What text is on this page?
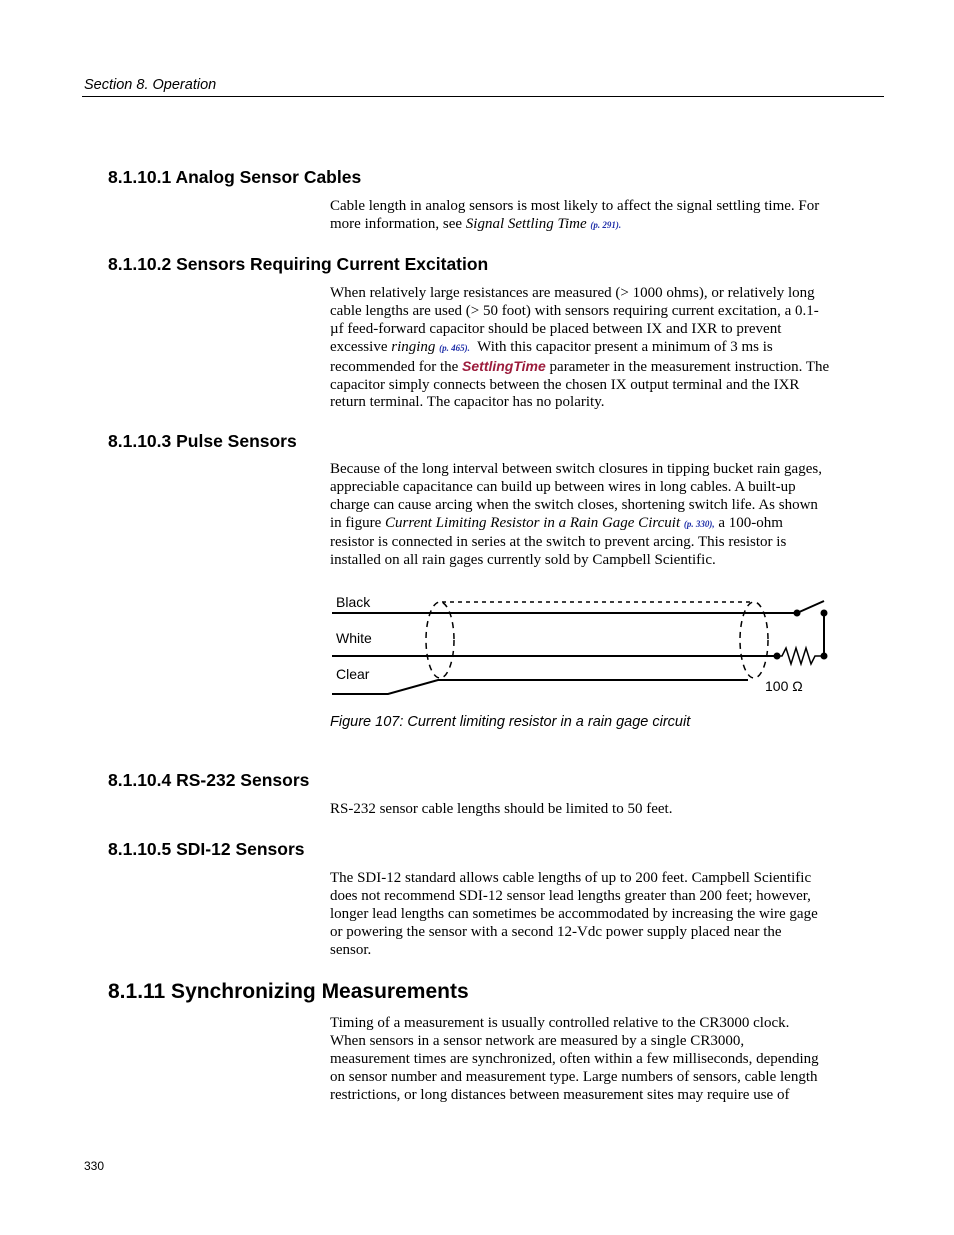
Section 8. Operation
8.1.10.1 Analog Sensor Cables
Cable length in analog sensors is most likely to affect the signal settling time. For
more information, see Signal Settling Time (p. 291).
8.1.10.2 Sensors Requiring Current Excitation
When relatively large resistances are measured (> 1000 ohms), or relatively long
cable lengths are used (> 50 foot) with sensors requiring current excitation, a 0.1-
µf feed-forward capacitor should be placed between IX and IXR to prevent
excessive ringing (p. 465).  With this capacitor present a minimum of 3 ms is
recommended for the SettlingTime parameter in the measurement instruction. The
capacitor simply connects between the chosen IX output terminal and the IXR
return terminal. The capacitor has no polarity.
8.1.10.3 Pulse Sensors
Because of the long interval between switch closures in tipping bucket rain gages,
appreciable capacitance can build up between wires in long cables. A built-up
charge can cause arcing when the switch closes, shortening switch life. As shown
in figure Current Limiting Resistor in a Rain Gage Circuit (p. 330), a 100-ohm
resistor is connected in series at the switch to prevent arcing. This resistor is
installed on all rain gages currently sold by Campbell Scientific.
Black
White
Clear
100 Ω
Figure 107: Current limiting resistor in a rain gage circuit
8.1.10.4 RS-232 Sensors
RS-232 sensor cable lengths should be limited to 50 feet.
8.1.10.5 SDI-12 Sensors
The SDI-12 standard allows cable lengths of up to 200 feet. Campbell Scientific
does not recommend SDI-12 sensor lead lengths greater than 200 feet; however,
longer lead lengths can sometimes be accommodated by increasing the wire gage
or powering the sensor with a second 12-Vdc power supply placed near the
sensor.
8.1.11 Synchronizing Measurements
Timing of a measurement is usually controlled relative to the CR3000 clock.
When sensors in a sensor network are measured by a single CR3000,
measurement times are synchronized, often within a few milliseconds, depending
on sensor number and measurement type. Large numbers of sensors, cable length
restrictions, or long distances between measurement sites may require use of
330
